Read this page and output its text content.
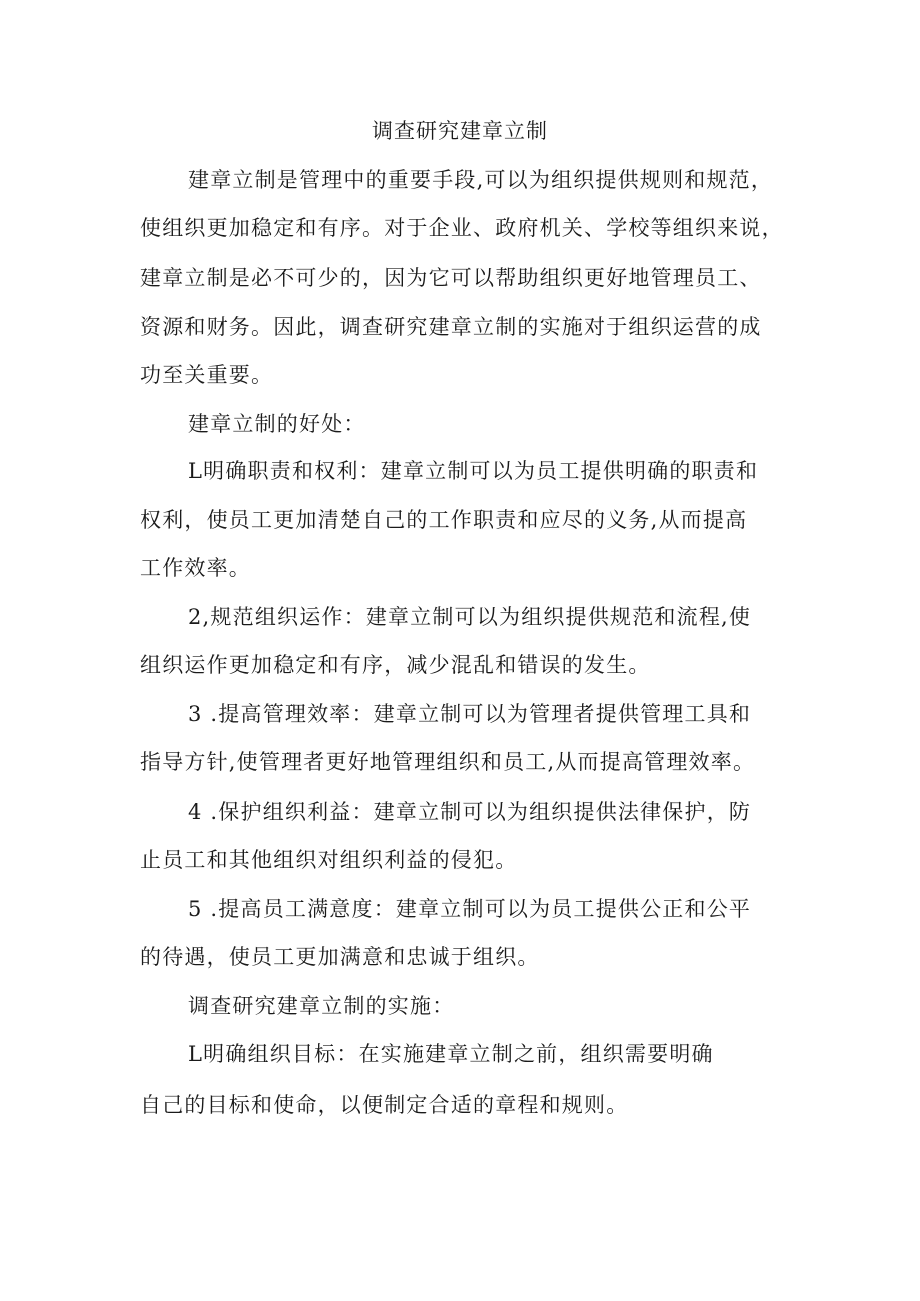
调查研究建章立制
建章立制是管理中的重要手段,可以为组织提供规则和规范，
使组织更加稳定和有序。对于企业、政府机关、学校等组织来说，
建章立制是必不可少的，因为它可以帮助组织更好地管理员工、
资源和财务。因此，调查研究建章立制的实施对于组织运营的成
功至关重要。
建章立制的好处：
L明确职责和权利：建章立制可以为员工提供明确的职责和
权利，使员工更加清楚自己的工作职责和应尽的义务,从而提高
工作效率。
2,规范组织运作：建章立制可以为组织提供规范和流程,使
组织运作更加稳定和有序，减少混乱和错误的发生。
3 .提高管理效率：建章立制可以为管理者提供管理工具和
指导方针,使管理者更好地管理组织和员工,从而提高管理效率。
4 .保护组织利益：建章立制可以为组织提供法律保护，防
止员工和其他组织对组织利益的侵犯。
5 .提高员工满意度：建章立制可以为员工提供公正和公平
的待遇，使员工更加满意和忠诚于组织。
调查研究建章立制的实施：
L明确组织目标：在实施建章立制之前，组织需要明确
自己的目标和使命，以便制定合适的章程和规则。
